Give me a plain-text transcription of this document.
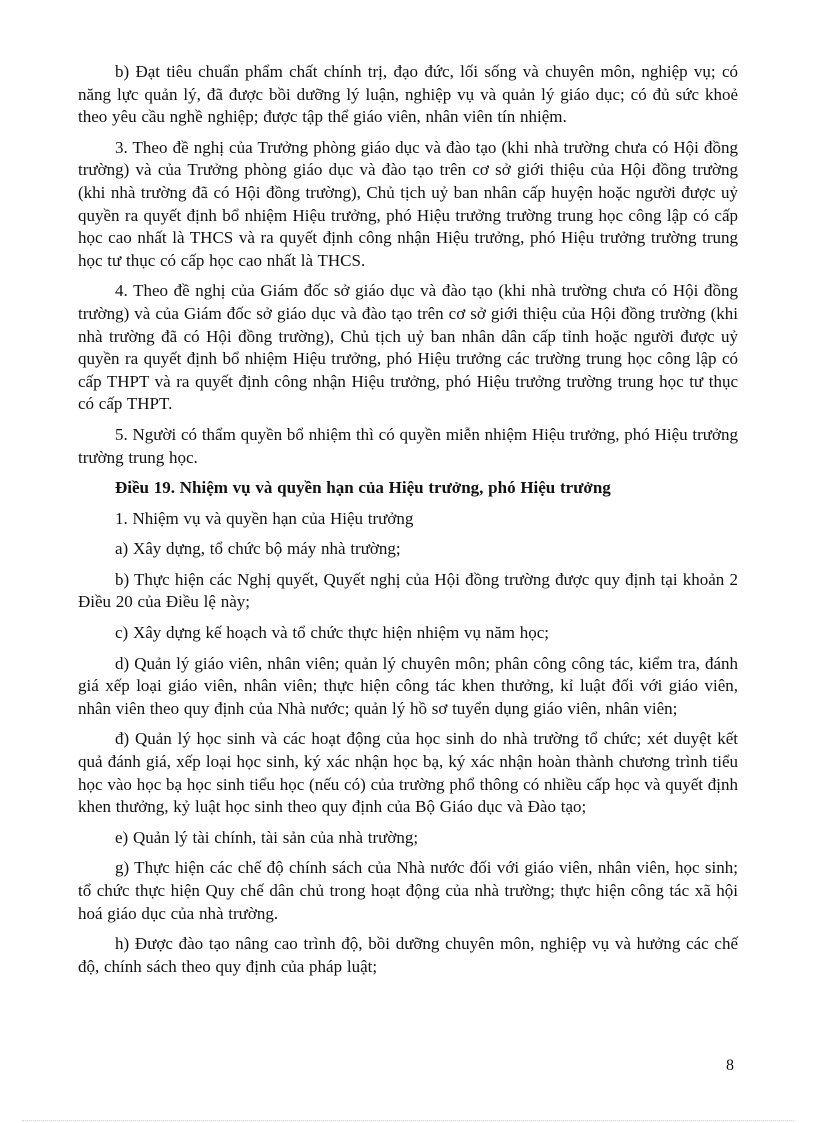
b) Đạt tiêu chuẩn phẩm chất chính trị, đạo đức, lối sống và chuyên môn, nghiệp vụ; có năng lực quản lý, đã được bồi dưỡng lý luận, nghiệp vụ và quản lý giáo dục; có đủ sức khoẻ theo yêu cầu nghề nghiệp; được tập thể giáo viên, nhân viên tín nhiệm.

3. Theo đề nghị của Trưởng phòng giáo dục và đào tạo (khi nhà trường chưa có Hội đồng trường) và của Trưởng phòng giáo dục và đào tạo trên cơ sở giới thiệu của Hội đồng trường (khi nhà trường đã có Hội đồng trường), Chủ tịch uỷ ban nhân cấp huyện hoặc người được uỷ quyền ra quyết định bổ nhiệm Hiệu trưởng, phó Hiệu trưởng trường trung học công lập có cấp học cao nhất là THCS và ra quyết định công nhận Hiệu trưởng, phó Hiệu trưởng trường trung học tư thục có cấp học cao nhất là THCS.

4. Theo đề nghị của Giám đốc sở giáo dục và đào tạo (khi nhà trường chưa có Hội đồng trường) và của Giám đốc sở giáo dục và đào tạo trên cơ sở giới thiệu của Hội đồng trường (khi nhà trường đã có Hội đồng trường), Chủ tịch uỷ ban nhân dân cấp tỉnh hoặc người được uỷ quyền ra quyết định bổ nhiệm Hiệu trưởng, phó Hiệu trưởng các trường trung học công lập có cấp THPT và ra quyết định công nhận Hiệu trưởng, phó Hiệu trưởng trường trung học tư thục có cấp THPT.

5. Người có thẩm quyền bổ nhiệm thì có quyền miễn nhiệm Hiệu trưởng, phó Hiệu trưởng trường trung học.

Điều 19. Nhiệm vụ và quyền hạn của Hiệu trưởng, phó Hiệu trưởng

1. Nhiệm vụ và quyền hạn của Hiệu trưởng

a) Xây dựng, tổ chức bộ máy nhà trường;

b) Thực hiện các Nghị quyết, Quyết nghị của Hội đồng trường được quy định tại khoản 2 Điều 20 của Điều lệ này;

c) Xây dựng kế hoạch và tổ chức thực hiện nhiệm vụ năm học;

d) Quản lý giáo viên, nhân viên; quản lý chuyên môn; phân công công tác, kiểm tra, đánh giá xếp loại giáo viên, nhân viên; thực hiện công tác khen thưởng, kỉ luật đối với giáo viên, nhân viên theo quy định của Nhà nước; quản lý hồ sơ tuyển dụng giáo viên, nhân viên;

đ) Quản lý học sinh và các hoạt động của học sinh do nhà trường tổ chức; xét duyệt kết quả đánh giá, xếp loại học sinh, ký xác nhận học bạ, ký xác nhận hoàn thành chương trình tiểu học vào học bạ học sinh tiểu học (nếu có) của trường phổ thông có nhiều cấp học và quyết định khen thưởng, kỷ luật học sinh theo quy định của Bộ Giáo dục và Đào tạo;

e) Quản lý tài chính, tài sản của nhà trường;

g) Thực hiện các chế độ chính sách của Nhà nước đối với giáo viên, nhân viên, học sinh; tổ chức thực hiện Quy chế dân chủ trong hoạt động của nhà trường; thực hiện công tác xã hội hoá giáo dục của nhà trường.

h) Được đào tạo nâng cao trình độ, bồi dưỡng chuyên môn, nghiệp vụ và hưởng các chế độ, chính sách theo quy định của pháp luật;

8
